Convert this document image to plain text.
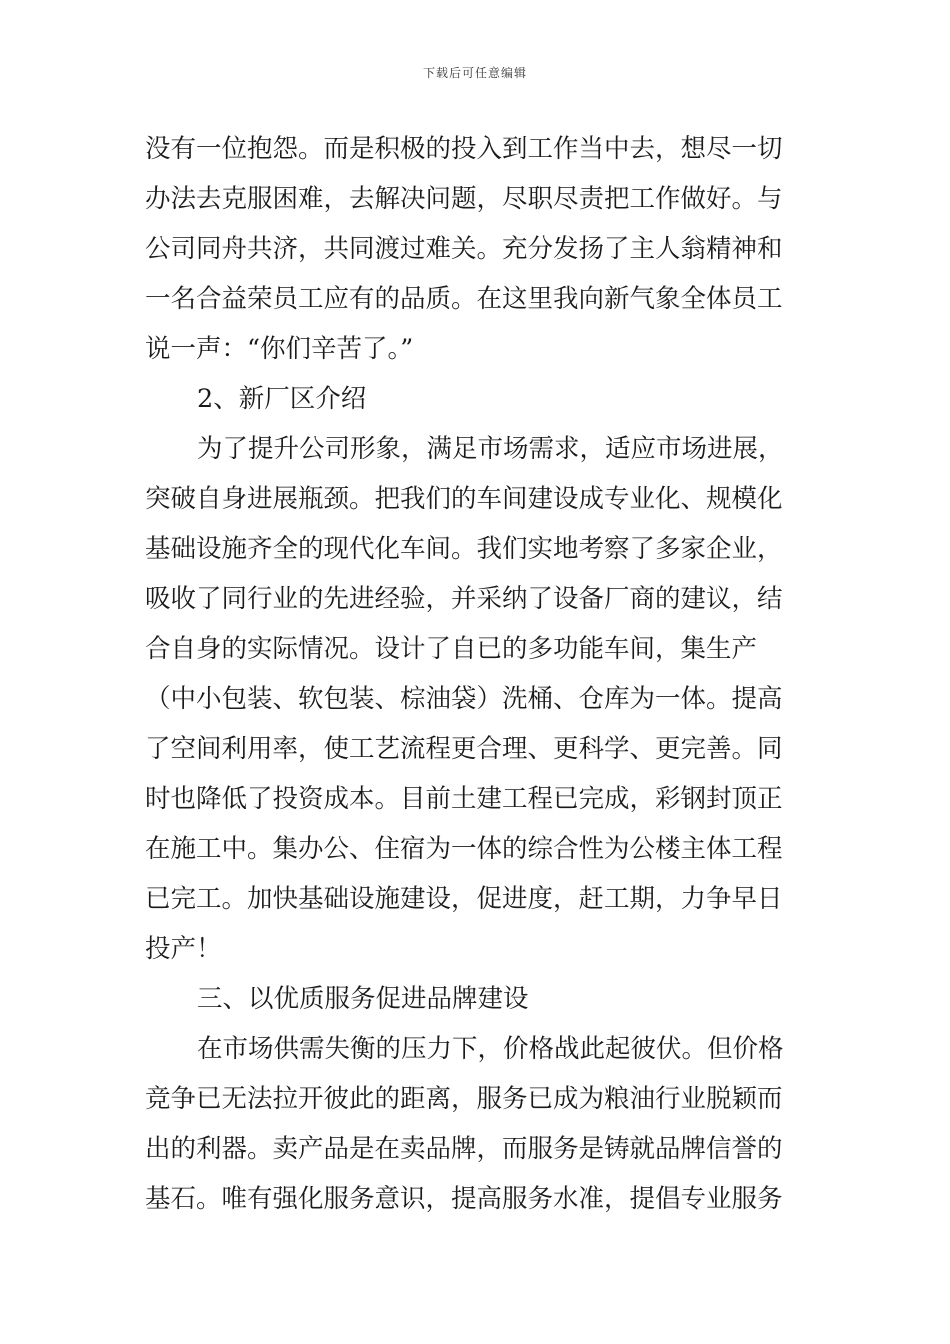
下载后可任意编辑
没有一位抱怨。而是积极的投入到工作当中去，想尽一切
办法去克服困难，去解决问题，尽职尽责把工作做好。与
公司同舟共济，共同渡过难关。充分发扬了主人翁精神和
一名合益荣员工应有的品质。在这里我向新气象全体员工
说一声：“你们辛苦了。”
2、新厂区介绍
为了提升公司形象，满足市场需求，适应市场进展，
突破自身进展瓶颈。把我们的车间建设成专业化、规模化
基础设施齐全的现代化车间。我们实地考察了多家企业，
吸收了同行业的先进经验，并采纳了设备厂商的建议，结
合自身的实际情况。设计了自已的多功能车间，集生产
（中小包装、软包装、棕油袋）洗桶、仓库为一体。提高
了空间利用率，使工艺流程更合理、更科学、更完善。同
时也降低了投资成本。目前土建工程已完成，彩钢封顶正
在施工中。集办公、住宿为一体的综合性为公楼主体工程
已完工。加快基础设施建设，促进度，赶工期，力争早日
投产！
三、以优质服务促进品牌建设
在市场供需失衡的压力下，价格战此起彼伏。但价格
竞争已无法拉开彼此的距离，服务已成为粮油行业脱颖而
出的利器。卖产品是在卖品牌，而服务是铸就品牌信誉的
基石。唯有强化服务意识，提高服务水准，提倡专业服务
